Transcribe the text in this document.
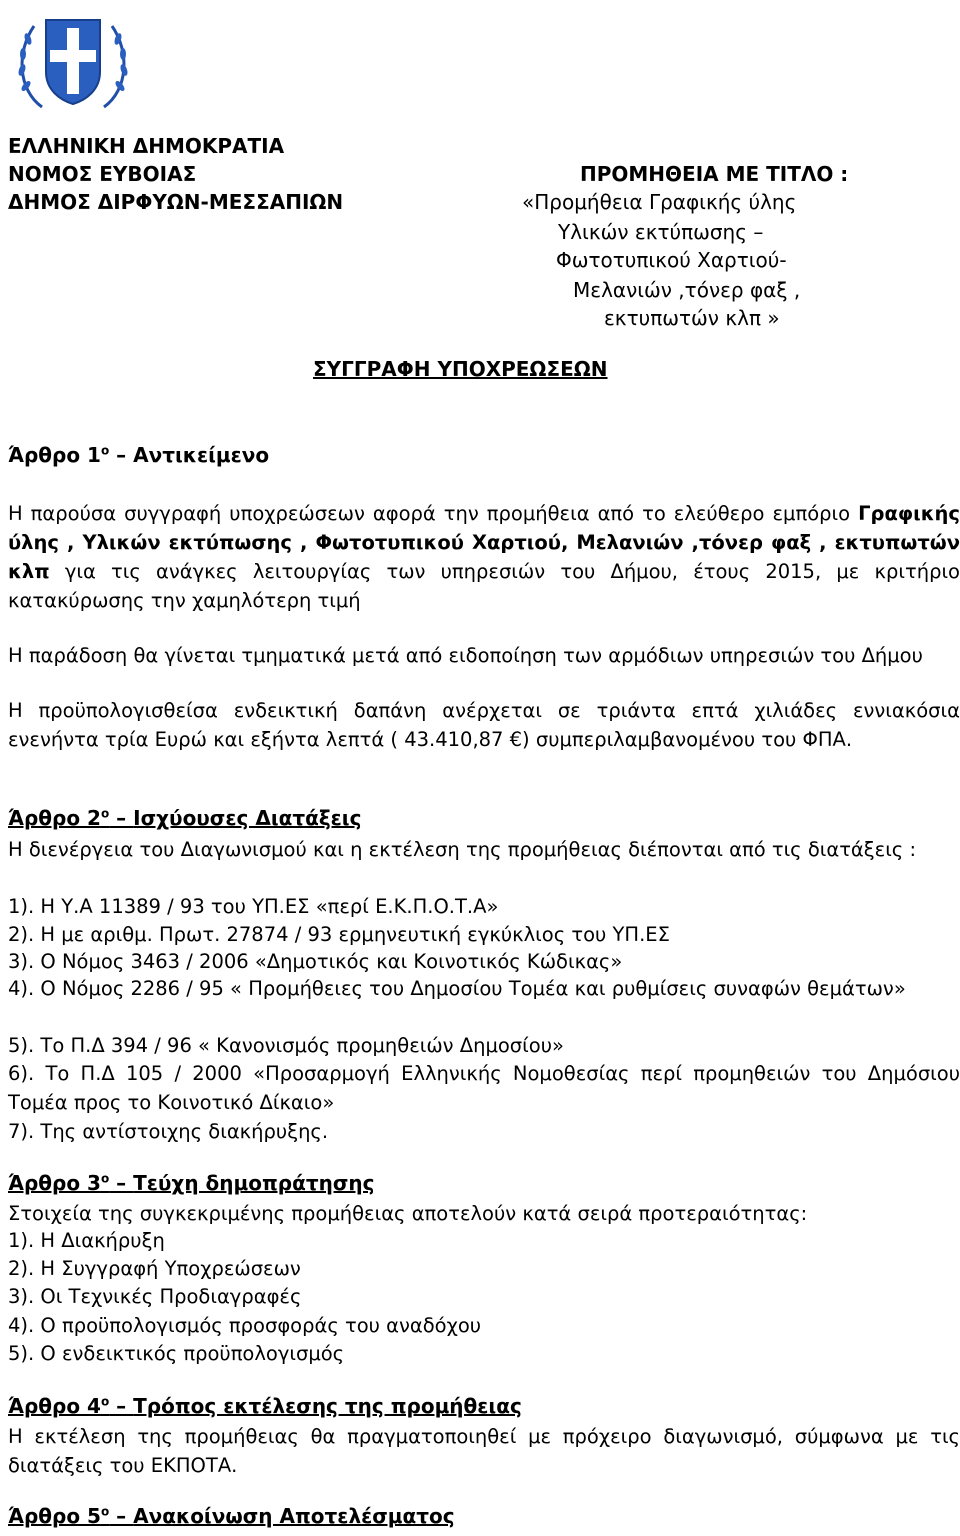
ΕΛΛΗΝΙΚΗ ΔΗΜΟΚΡΑΤΙΑ
ΝΟΜΟΣ ΕΥΒΟΙΑΣ
ΔΗΜΟΣ ΔΙΡΦΥΩΝ-ΜΕΣΣΑΠΙΩΝ
ΠΡΟΜΗΘΕΙΑ ΜΕ ΤΙΤΛΟ :
«Προμήθεια Γραφικής ύλης
Υλικών εκτύπωσης –
Φωτοτυπικού Χαρτιού-
Μελανιών ,τόνερ φαξ ,
εκτυπωτών κλπ »
ΣΥΓΓΡΑΦΗ ΥΠΟΧΡΕΩΣΕΩΝ
Άρθρο $1^o$ – Αντικείμενο
Η παρούσα συγγραφή υποχρεώσεων αφορά την προμήθεια από το ελεύθερο εμπόριο Γραφικής ύλης , Υλικών εκτύπωσης , Φωτοτυπικού Χαρτιού, Μελανιών ,τόνερ φαξ , εκτυπωτών κλπ για τις ανάγκες λειτουργίας των υπηρεσιών του Δήμου, έτους 2015, με κριτήριο κατακύρωσης την χαμηλότερη τιμή
Η παράδοση θα γίνεται τμηματικά μετά από ειδοποίηση των αρμόδιων υπηρεσιών του Δήμου
Η προϋπολογισθείσα ενδεικτική δαπάνη ανέρχεται σε τριάντα επτά χιλιάδες εννιακόσια ενενήντα τρία Ευρώ και εξήντα λεπτά ( 43.410,87 €) συμπεριλαμβανομένου του ΦΠΑ.
Άρθρο $2^o$ – Ισχύουσες Διατάξεις
Η διενέργεια του Διαγωνισμού και η εκτέλεση της προμήθειας διέπονται από τις διατάξεις :
1). Η Υ.Α 11389 / 93 του ΥΠ.ΕΣ «περί Ε.Κ.Π.Ο.Τ.Α»
2). Η με αριθμ. Πρωτ. 27874 / 93 ερμηνευτική εγκύκλιος του ΥΠ.ΕΣ
3). Ο Νόμος 3463 / 2006 «Δημοτικός και Κοινοτικός Κώδικας»
4). Ο Νόμος 2286 / 95 « Προμήθειες του Δημοσίου Τομέα και ρυθμίσεις συναφών θεμάτων»
5). Το Π.Δ 394 / 96 « Κανονισμός προμηθειών Δημοσίου»
6). Το Π.Δ 105 / 2000 «Προσαρμογή Ελληνικής Νομοθεσίας περί προμηθειών του Δημόσιου Τομέα προς το Κοινοτικό Δίκαιο»
7). Της αντίστοιχης διακήρυξης.
Άρθρο $3^o$ – Τεύχη δημοπράτησης
Στοιχεία της συγκεκριμένης προμήθειας αποτελούν κατά σειρά προτεραιότητας:
1). Η Διακήρυξη
2). Η Συγγραφή Υποχρεώσεων
3). Οι Τεχνικές Προδιαγραφές
4). Ο προϋπολογισμός προσφοράς του αναδόχου
5). Ο ενδεικτικός προϋπολογισμός
Άρθρο $4^o$ – Τρόπος εκτέλεσης της προμήθειας
Η εκτέλεση της προμήθειας θα πραγματοποιηθεί με πρόχειρο διαγωνισμό, σύμφωνα με τις διατάξεις του ΕΚΠΟΤΑ.
Άρθρο $5^o$ – Ανακοίνωση Αποτελέσματος
